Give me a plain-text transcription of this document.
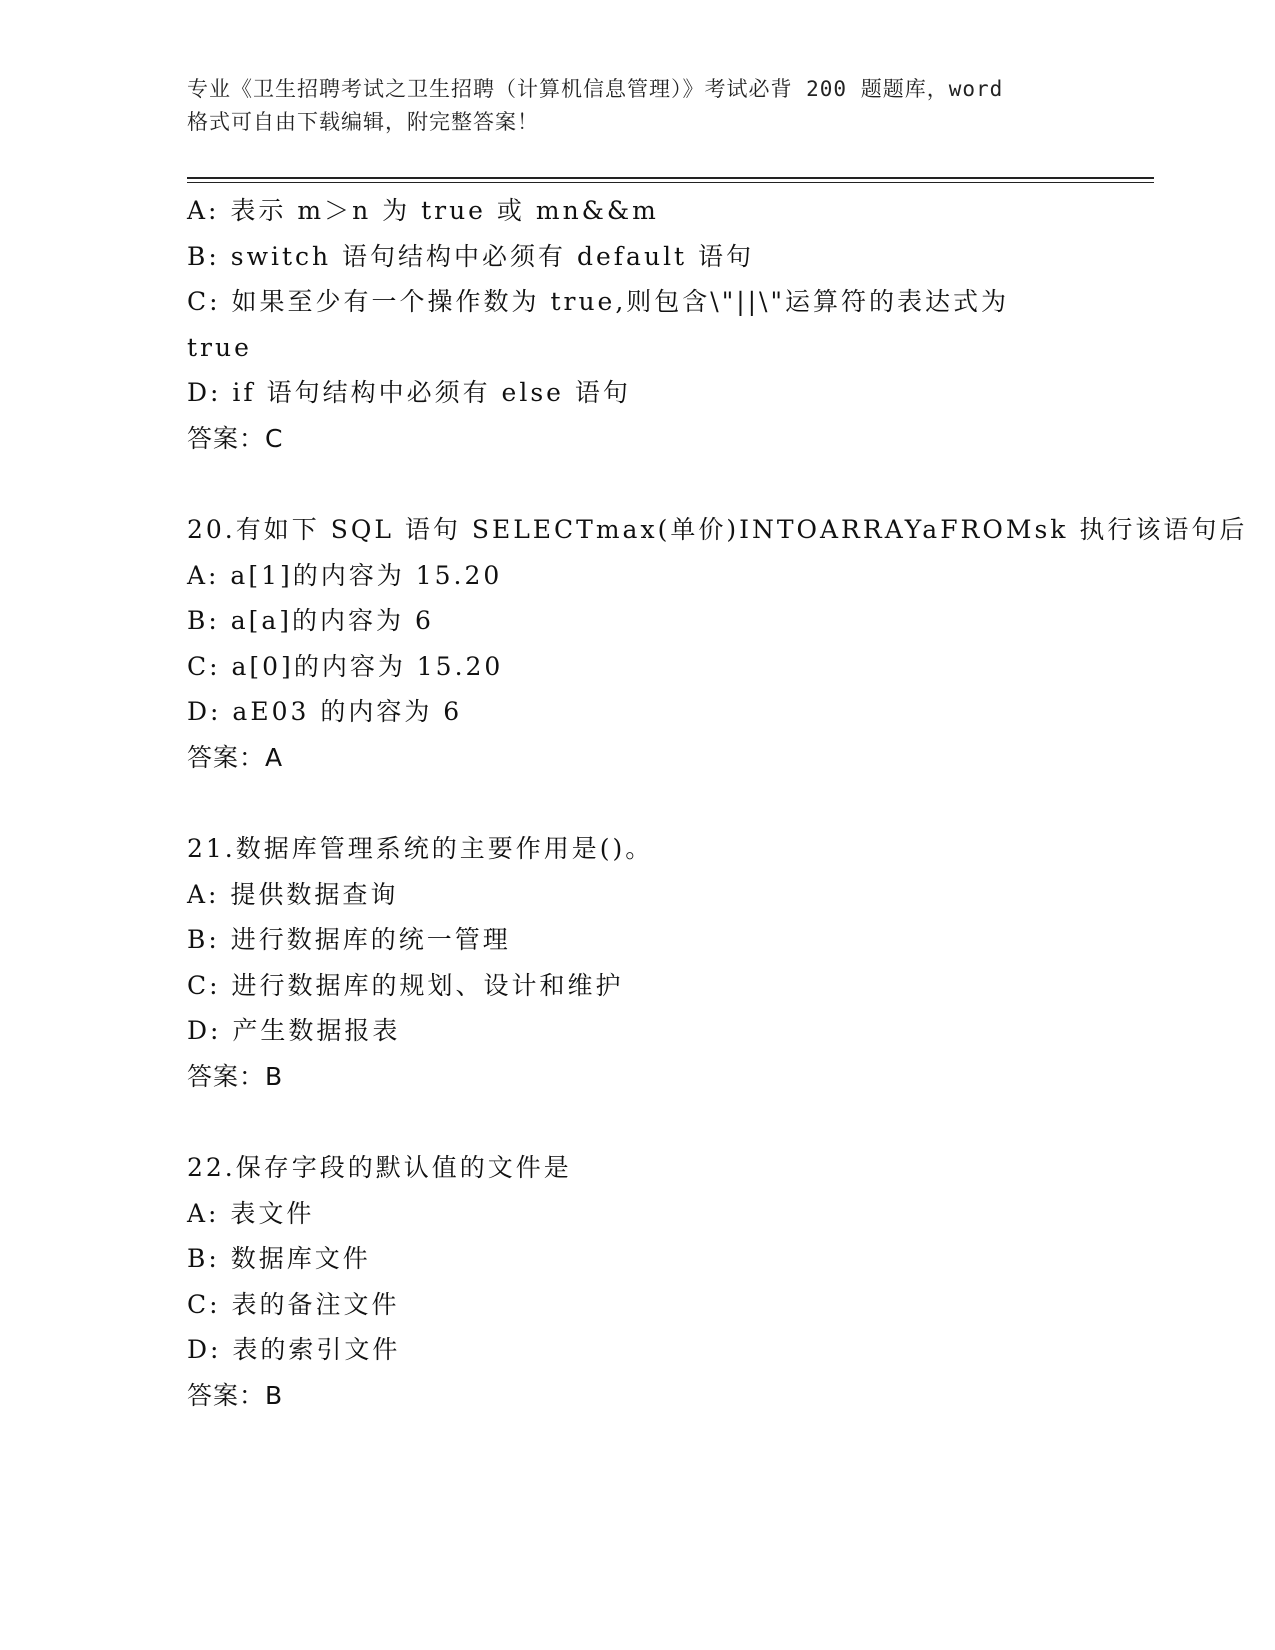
专业《卫生招聘考试之卫生招聘（计算机信息管理）》考试必背 200 题题库，word
格式可自由下载编辑，附完整答案！
A: 表示 m＞n 为 true 或 mn&&m
B: switch 语句结构中必须有 default 语句
C: 如果至少有一个操作数为 true,则包含\"||\"运算符的表达式为
true
D: if 语句结构中必须有 else 语句
答案：C
20.有如下 SQL 语句 SELECTmax(单价)INTOARRAYaFROMsk 执行该语句后
A: a[1]的内容为 15.20
B: a[a]的内容为 6
C: a[0]的内容为 15.20
D: aE03 的内容为 6
答案：A
21.数据库管理系统的主要作用是()。
A: 提供数据查询
B: 进行数据库的统一管理
C: 进行数据库的规划、设计和维护
D: 产生数据报表
答案：B
22.保存字段的默认值的文件是
A: 表文件
B: 数据库文件
C: 表的备注文件
D: 表的索引文件
答案：B
